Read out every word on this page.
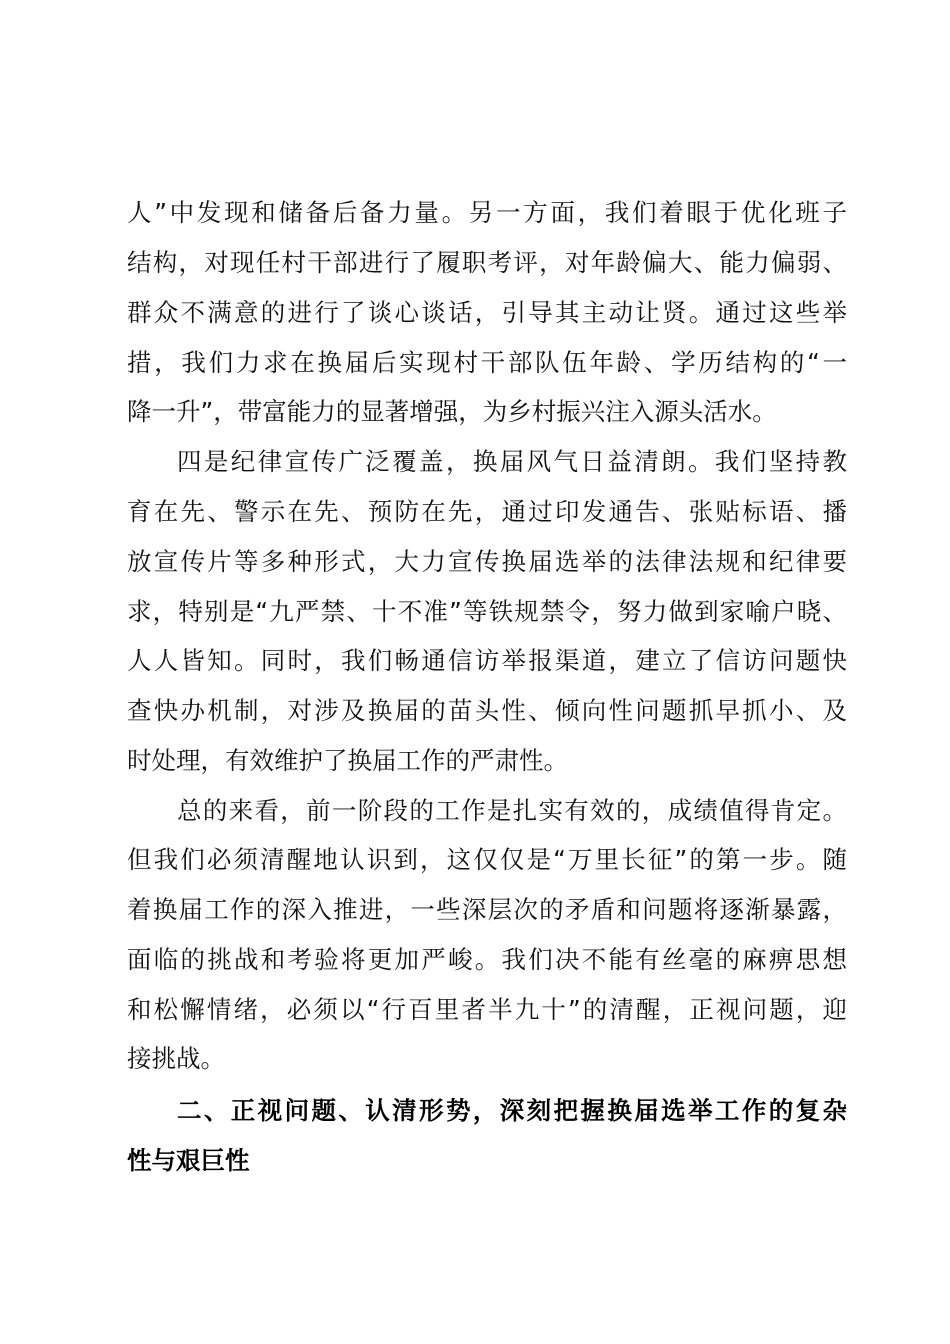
人”中发现和储备后备力量。另一方面，我们着眼于优化班子
结构，对现任村干部进行了履职考评，对年龄偏大、能力偏弱、
群众不满意的进行了谈心谈话，引导其主动让贤。通过这些举
措，我们力求在换届后实现村干部队伍年龄、学历结构的“一
降一升”，带富能力的显著增强，为乡村振兴注入源头活水。
四是纪律宣传广泛覆盖，换届风气日益清朗。我们坚持教
育在先、警示在先、预防在先，通过印发通告、张贴标语、播
放宣传片等多种形式，大力宣传换届选举的法律法规和纪律要
求，特别是“九严禁、十不准”等铁规禁令，努力做到家喻户晓、
人人皆知。同时，我们畅通信访举报渠道，建立了信访问题快
查快办机制，对涉及换届的苗头性、倾向性问题抓早抓小、及
时处理，有效维护了换届工作的严肃性。
总的来看，前一阶段的工作是扎实有效的，成绩值得肯定。
但我们必须清醒地认识到，这仅仅是“万里长征”的第一步。随
着换届工作的深入推进，一些深层次的矛盾和问题将逐渐暴露，
面临的挑战和考验将更加严峻。我们决不能有丝毫的麻痹思想
和松懈情绪，必须以“行百里者半九十”的清醒，正视问题，迎
接挑战。
二、正视问题、认清形势，深刻把握换届选举工作的复杂
性与艰巨性
